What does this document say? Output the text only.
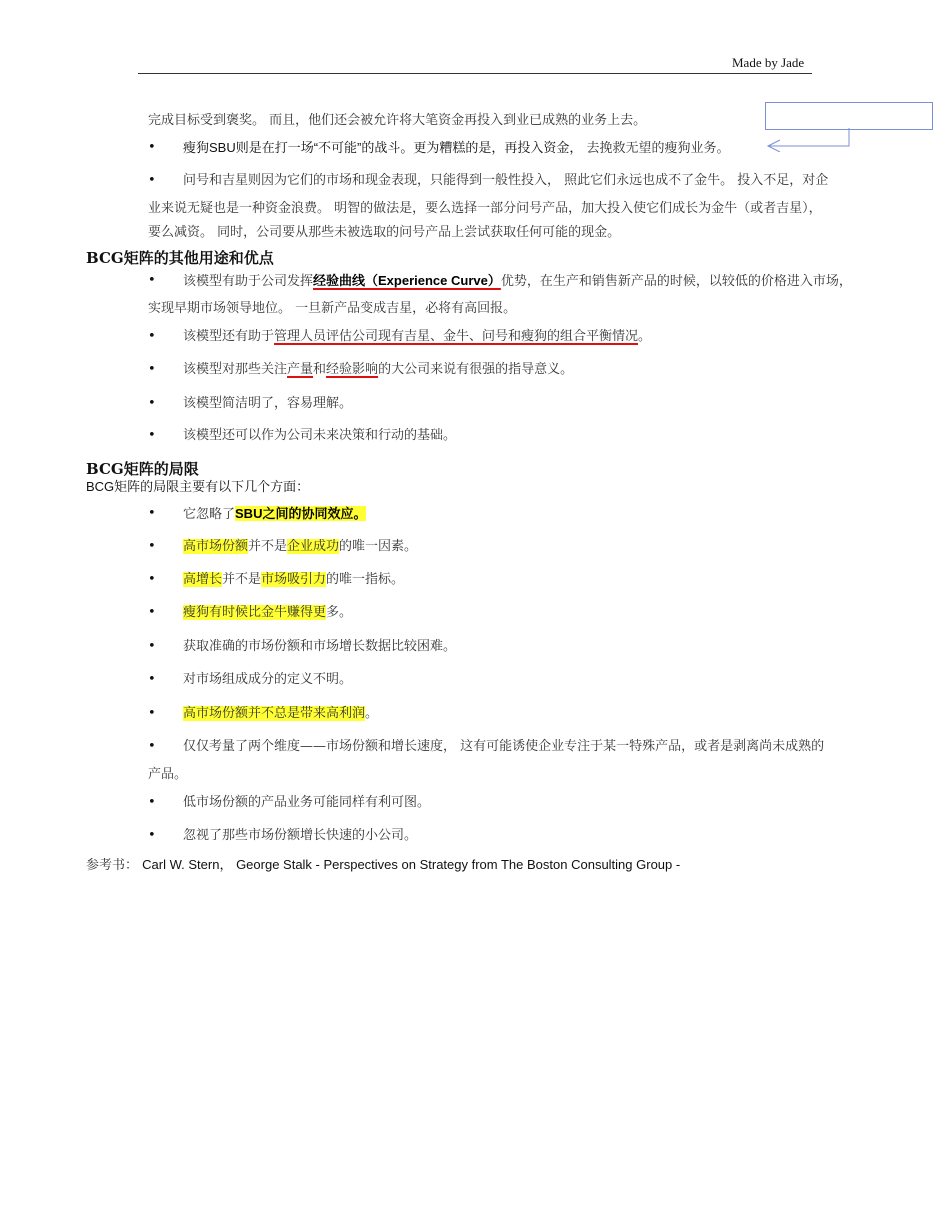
Made by Jade
完成目标受到褒奖。 而且，他们还会被允许将大笔资金再投入到业已成熟的业务上去。
• 瘦狗SBU则是在打一场“不可能”的战斗。更为糟糕的是，再投入资金， 去挽救无望的瘦狗业务。
• 问号和吉星则因为它们的市场和现金表现，只能得到一般性投入， 照此它们永远也成不了金牛。 投入不足，对企
业来说无疑也是一种资金浪费。 明智的做法是，要么选择一部分问号产品，加大投入使它们成长为金牛（或者吉星），
要么减资。 同时，公司要从那些未被选取的问号产品上尝试获取任何可能的现金。
BCG矩阵的其他用途和优点
• 该模型有助于公司发挥经验曲线（Experience Curve）优势，在生产和销售新产品的时候，以较低的价格进入市场，
实现早期市场领导地位。 一旦新产品变成吉星，必将有高回报。
• 该模型还有助于管理人员评估公司现有吉星、金牛、问号和瘦狗的组合平衡情况。
• 该模型对那些关注产量和经验影响的大公司来说有很强的指导意义。
• 该模型简洁明了，容易理解。
• 该模型还可以作为公司未来决策和行动的基础。
BCG矩阵的局限
BCG矩阵的局限主要有以下几个方面：
• 它忽略了SBU之间的协同效应。
• 高市场份额并不是企业成功的唯一因素。
• 高增长并不是市场吸引力的唯一指标。
• 瘦狗有时候比金牛赚得更多。
• 获取准确的市场份额和市场增长数据比较困难。
• 对市场组成成分的定义不明。
• 高市场份额并不总是带来高利润。
• 仅仅考量了两个维度——市场份额和增长速度， 这有可能诱使企业专注于某一特殊产品，或者是剥离尚未成熟的
产品。
• 低市场份额的产品业务可能同样有利可图。
• 忽视了那些市场份额增长快速的小公司。
参考书： Carl W. Stern， George Stalk - Perspectives on Strategy from The Boston Consulting Group -
